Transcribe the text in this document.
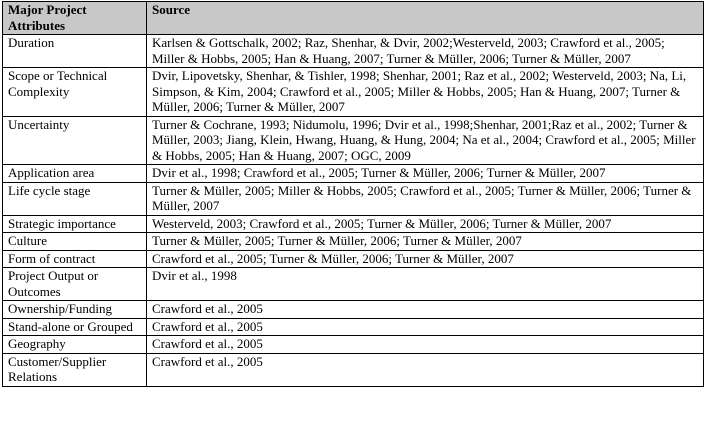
Major Project Attributes	Source
Duration	Karlsen & Gottschalk, 2002; Raz, Shenhar, & Dvir, 2002;Westerveld, 2003; Crawford et al., 2005; Miller & Hobbs, 2005; Han & Huang, 2007; Turner & Müller, 2006; Turner & Müller, 2007
Scope or Technical Complexity	Dvir, Lipovetsky, Shenhar, & Tishler, 1998; Shenhar, 2001; Raz et al., 2002; Westerveld, 2003; Na, Li, Simpson, & Kim, 2004; Crawford et al., 2005; Miller & Hobbs, 2005; Han & Huang, 2007; Turner & Müller, 2006; Turner & Müller, 2007
Uncertainty	Turner & Cochrane, 1993; Nidumolu, 1996; Dvir et al., 1998;Shenhar, 2001;Raz et al., 2002; Turner & Müller, 2003; Jiang, Klein, Hwang, Huang, & Hung, 2004; Na et al., 2004; Crawford et al., 2005; Miller & Hobbs, 2005; Han & Huang, 2007; OGC, 2009
Application area	Dvir et al., 1998; Crawford et al., 2005; Turner & Müller, 2006; Turner & Müller, 2007
Life cycle stage	Turner & Müller, 2005; Miller & Hobbs, 2005; Crawford et al., 2005; Turner & Müller, 2006; Turner & Müller, 2007
Strategic importance	Westerveld, 2003; Crawford et al., 2005; Turner & Müller, 2006; Turner & Müller, 2007
Culture	Turner & Müller, 2005; Turner & Müller, 2006; Turner & Müller, 2007
Form of contract	Crawford et al., 2005; Turner & Müller, 2006; Turner & Müller, 2007
Project Output or Outcomes	Dvir et al., 1998
Ownership/Funding	Crawford et al., 2005
Stand-alone or Grouped	Crawford et al., 2005
Geography	Crawford et al., 2005
Customer/Supplier Relations	Crawford et al., 2005
